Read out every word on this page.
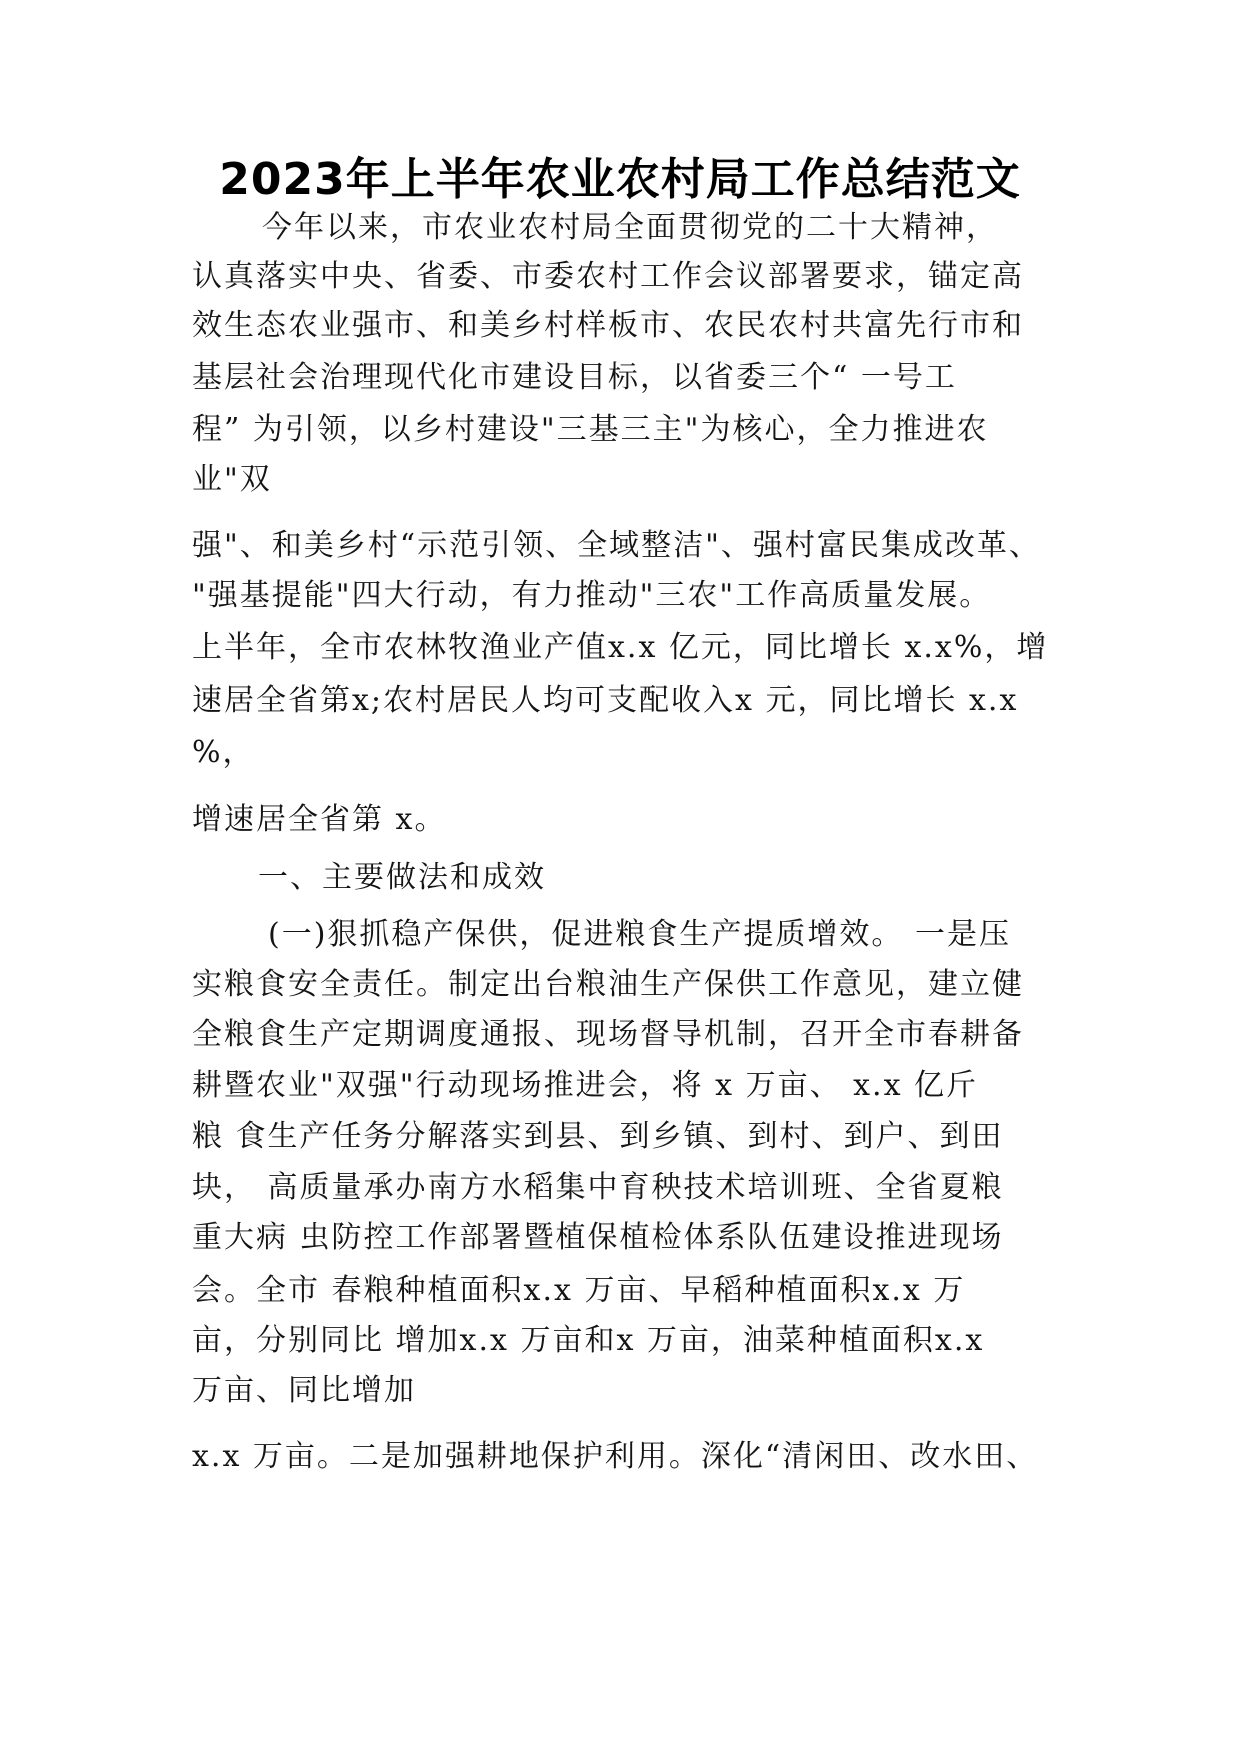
2023年上半年农业农村局工作总结范文
今年以来，市农业农村局全面贯彻党的二十大精神，
认真落实中央、省委、市委农村工作会议部署要求，锚定高
效生态农业强市、和美乡村样板市、农民农村共富先行市和
基层社会治理现代化市建设目标，以省委三个“ 一号工
程” 为引领，以乡村建设"三基三主"为核心，全力推进农
业"双
强"、和美乡村“示范引领、全域整洁"、强村富民集成改革、
"强基提能"四大行动，有力推动"三农"工作高质量发展。
上半年，全市农林牧渔业产值x.x 亿元，同比增长 x.x%，增
速居全省第x;农村居民人均可支配收入x 元，同比增长 x.x
%，
增速居全省第 x。
一、主要做法和成效
(一)狠抓稳产保供，促进粮食生产提质增效。 一是压
实粮食安全责任。制定出台粮油生产保供工作意见，建立健
全粮食生产定期调度通报、现场督导机制，召开全市春耕备
耕暨农业"双强"行动现场推进会，将 x 万亩、 x.x 亿斤
粮 食生产任务分解落实到县、到乡镇、到村、到户、到田
块， 高质量承办南方水稻集中育秧技术培训班、全省夏粮
重大病 虫防控工作部署暨植保植检体系队伍建设推进现场
会。全市 春粮种植面积x.x 万亩、早稻种植面积x.x 万
亩，分别同比 增加x.x 万亩和x 万亩，油菜种植面积x.x
万亩、同比增加
x.x 万亩。二是加强耕地保护利用。深化“清闲田、改水田、
